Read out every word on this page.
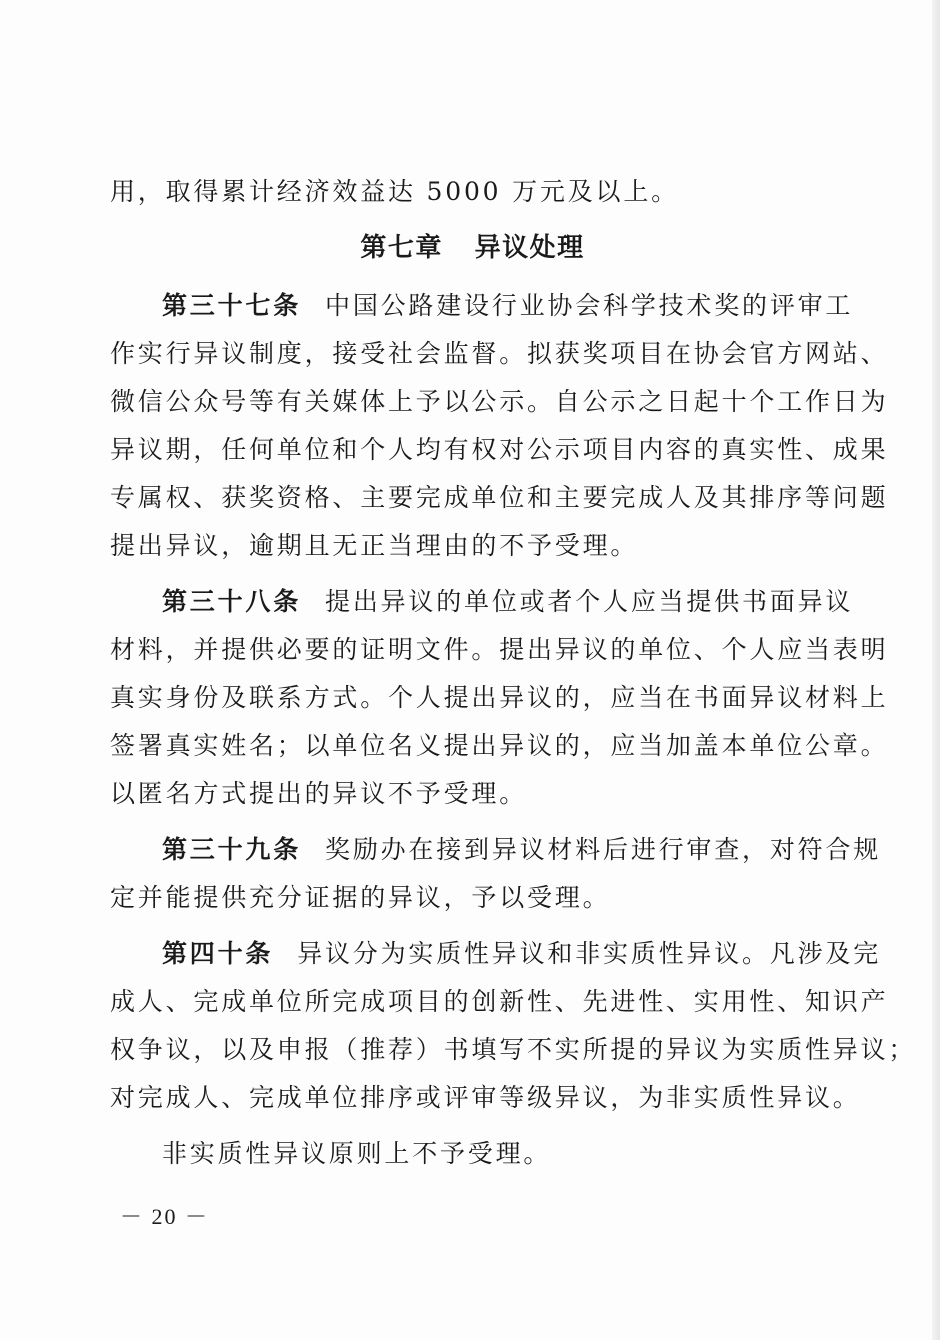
用，取得累计经济效益达 5000 万元及以上。

第七章   异议处理

第三十七条 中国公路建设行业协会科学技术奖的评审工

作实行异议制度，接受社会监督。拟获奖项目在协会官方网站、

微信公众号等有关媒体上予以公示。自公示之日起十个工作日为

异议期，任何单位和个人均有权对公示项目内容的真实性、成果

专属权、获奖资格、主要完成单位和主要完成人及其排序等问题

提出异议，逾期且无正当理由的不予受理。

第三十八条 提出异议的单位或者个人应当提供书面异议

材料，并提供必要的证明文件。提出异议的单位、个人应当表明

真实身份及联系方式。个人提出异议的，应当在书面异议材料上

签署真实姓名；以单位名义提出异议的，应当加盖本单位公章。

以匿名方式提出的异议不予受理。

第三十九条 奖励办在接到异议材料后进行审查，对符合规

定并能提供充分证据的异议，予以受理。

第四十条 异议分为实质性异议和非实质性异议。凡涉及完

成人、完成单位所完成项目的创新性、先进性、实用性、知识产

权争议，以及申报（推荐）书填写不实所提的异议为实质性异议；

对完成人、完成单位排序或评审等级异议，为非实质性异议。

非实质性异议原则上不予受理。

－ 20 －
